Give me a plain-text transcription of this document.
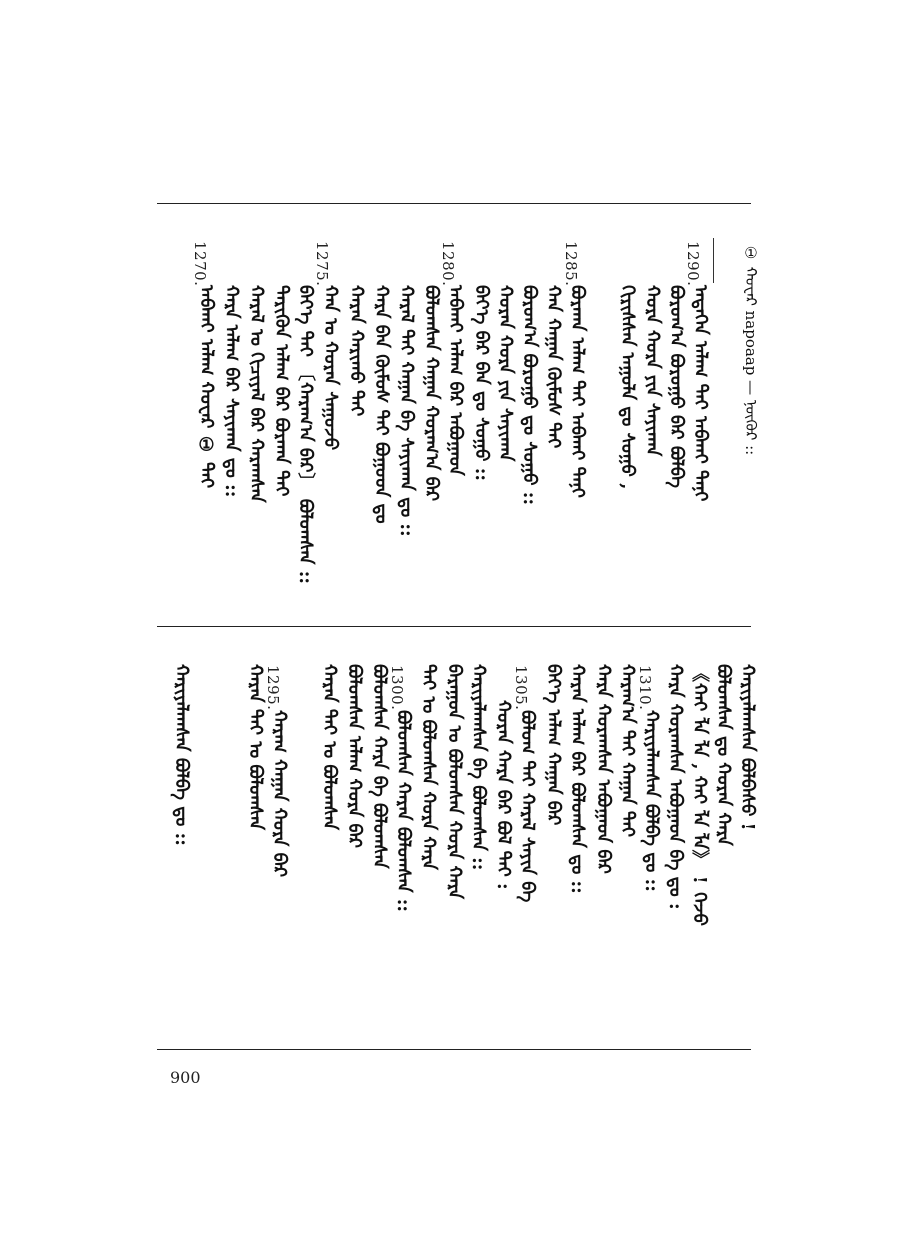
① ᠬᠣᠸᠠᠷ napoaap — ᠨᠥᠬᠥᠷ ::
1290.
1285.
1280.
1275.
1270.
ᠡᠨᠳᠡᠭᠡᠨ ᠠᠯᠠᠭ ᠲᠠᠢ ᠠᠪᠬᠠᠢ ᠲᠠᠨᠢ
ᠪᠣᠷᠣᠭ᠎ᠠ ᠪᠤᠷᠤᠭᠤ ᠪᠡᠷ ᠪᠣᠯᠪᠠ
ᠬᠤᠷᠠ ᠬᠤᠷᠠ ᠶᠢᠨ ᠰᠠᠶᠢᠬᠠᠨ
ᠬᠢᠷᠢᠰᠰᠡᠨ ᠠᠭᠤᠯᠠ ᠳᠤ ᠰᠤᠭᠤ ,
ᠪᠤᠷᠬᠠᠨ ᠠᠯᠠᠭ ᠲᠠᠢ ᠠᠪᠬᠠᠢ ᠲᠠᠨᠢ
ᠬᠠᠨ ᠬᠠᠭᠠᠨ ᠬᠦᠮᠦᠰ ᠲᠠᠢ
ᠪᠣᠷᠣᠭ᠎ᠠ ᠪᠤᠷᠤᠭᠤ ᠳᠤ ᠰᠤᠭᠤ ::
ᠬᠤᠷᠠᠨ ᠬᠤᠷᠠ ᠶᠢᠨ ᠰᠠᠶᠢᠬᠠᠨ
ᠪᠡᠶ᠎ᠡ ᠪᠡᠷ ᠪᠠᠨ ᠳᠤ ᠰᠤᠭᠤ ::
ᠠᠪᠬᠠᠢ ᠠᠯᠠᠭ ᠪᠡᠷ ᠠᠪᠤᠭᠠᠳ
ᠪᠣᠯᠣᠭᠰᠠᠨ ᠬᠠᠭᠠᠨ ᠬᠤᠷᠠᠭ᠎ᠠ ᠪᠡᠷ
ᠬᠠᠷᠠᠯ ᠲᠠᠢ ᠬᠠᠭᠠᠨ ᠪᠠ ᠰᠠᠶᠢᠬᠠᠨ ᠳᠤ ::
ᠬᠠᠷᠠ ᠪᠡᠨ ᠬᠦᠮᠦᠰ ᠲᠠᠢ ᠪᠣᠭᠣᠳ ᠳᠤ
ᠬᠠᠷᠠᠨ ᠬᠠᠷᠢᠬᠤ ᠲᠠᠢ
ᠬᠠᠨ ᠤ ᠬᠤᠷᠠᠨ ᠰᠠᠭᠤᠵᠤ
ᠪᠡᠶ᠎ᠡ ᠲᠠᠢ 〔ᠬᠠᠷᠠᠭ᠎ᠠ ᠪᠡᠷ〕 ᠪᠣᠯᠣᠭᠰᠠᠨ ::
ᠲᠡᠷᠢᠭᠦᠨ ᠠᠯᠠᠭ ᠪᠡᠷ ᠪᠤᠷᠬᠠᠨ ᠲᠠᠢ
ᠬᠠᠷᠠᠯ ᠤ ᠬᠢᠴᠢᠶᠡᠯ ᠪᠡᠷ ᠬᠠᠷᠠᠭᠰᠠᠨ
ᠬᠠᠷᠠ ᠠᠯᠠᠭ ᠪᠡᠷ ᠰᠠᠶᠢᠬᠠᠨ ᠳᠤ ::
ᠠᠪᠬᠠᠢ ᠠᠯᠠᠭ ᠬᠤᠸᠠᠷ ① ᠲᠠᠢ
1310.
1305.
1300.
1295.	ᠬᠠᠷᠢᠶᠠᠯᠠᠭᠰᠠᠨ ᠪᠣᠯᠪᠠᠰᠤ !
ᠪᠣᠯᠣᠭᠰᠠᠨ ᠳᠤ ᠬᠤᠷᠠᠨ ᠬᠠᠷᠠ
《ᠬᠠᠢ ᠯᠠ ᠯᠠ , ᠬᠠᠢ ᠯᠠ ᠯᠠ》 ! ᠭᠡᠵᠦ
ᠬᠠᠷᠠ ᠬᠤᠷᠠᠭᠰᠠᠨ ᠠᠪᠤᠭᠠᠳ ᠪᠡ ᠳᠤ :
ᠬᠠᠷᠢᠶᠠᠯᠠᠭᠰᠠᠨ ᠪᠣᠯᠪᠠ ᠳᠤ ::
ᠬᠠᠷᠠᠭ᠎ᠠ ᠲᠠᠢ ᠬᠠᠭᠠᠨ ᠲᠠᠢ
ᠬᠠᠷᠠ ᠬᠤᠷᠠᠭᠰᠠᠨ ᠠᠪᠤᠭᠠᠳ ᠪᠡᠷ
ᠬᠠᠷᠠᠨ ᠠᠯᠠᠭ ᠪᠡᠷ ᠪᠣᠯᠣᠭᠰᠠᠨ ᠳᠤ ::
ᠪᠡᠶ᠎ᠡ ᠠᠯᠠᠭ ᠬᠠᠭᠠᠨ ᠪᠡᠷ
ᠪᠣᠯᠣᠭ ᠲᠠᠢ ᠬᠠᠷᠠᠯ ᠰᠠᠶᠢᠨ ᠪᠠ
ᠬᠤᠷᠠᠨ ᠬᠠᠷᠠ ᠪᠡᠷ ᠪᠣᠯ ᠲᠠᠢ :
ᠬᠠᠷᠢᠶᠠᠯᠠᠭᠰᠠᠨ ᠪᠠ ᠪᠣᠯᠣᠭᠰᠠᠨ ::
ᠪᠠᠷᠠᠭᠤᠨ ᠤ ᠪᠣᠯᠣᠭᠰᠠᠨ ᠬᠤᠷᠠ ᠬᠠᠷᠠ
ᠲᠠᠢ ᠤ ᠪᠣᠯᠣᠭᠰᠠᠨ ᠬᠤᠷᠠ ᠬᠠᠷᠠ
ᠪᠣᠯᠣᠭᠰᠠᠨ ᠬᠠᠷᠠᠨ ᠪᠣᠯᠣᠭᠰᠠᠨ ::
ᠪᠣᠯᠣᠭᠰᠠᠨ ᠬᠠᠷᠠ ᠪᠠ ᠪᠣᠯᠣᠭᠰᠠᠨ
ᠪᠣᠯᠣᠭᠰᠠᠨ ᠠᠯᠠᠭ ᠬᠤᠷᠠ ᠪᠡᠷ
ᠬᠠᠷᠠᠨ ᠲᠠᠢ ᠤ ᠪᠣᠯᠣᠭᠰᠠᠨ
ᠬᠠᠷᠠᠭ ᠬᠠᠭᠠᠨ ᠬᠤᠷᠠ ᠪᠡᠷ
ᠬᠠᠷᠠᠨ ᠲᠠᠢ ᠤ ᠪᠣᠯᠣᠭᠰᠠᠨ
ᠬᠠᠷᠢᠶᠠᠯᠠᠭᠰᠠᠨ ᠪᠣᠯᠪᠠ ᠳᠤ ::
900
